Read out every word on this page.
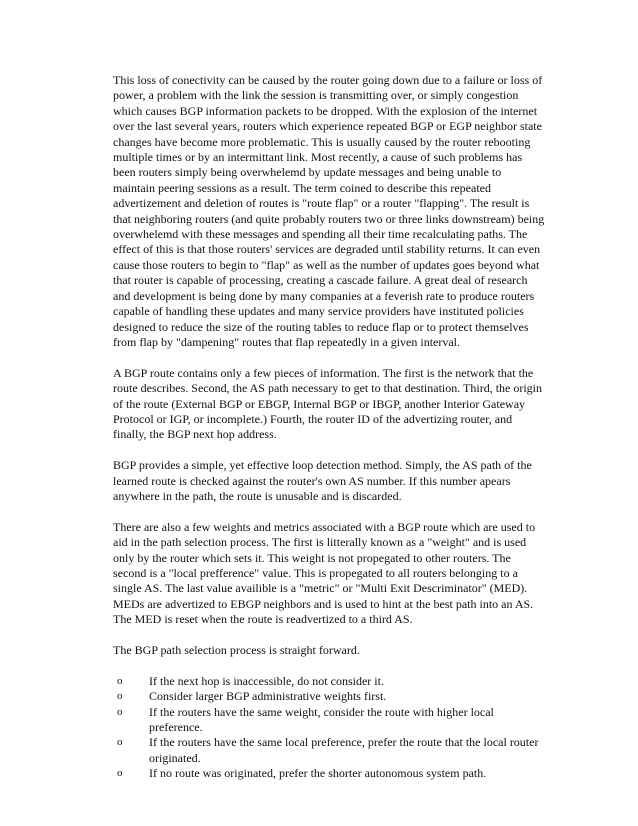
This loss of conectivity can be caused by the router going down due to a failure or loss of
power, a problem with the link the session is transmitting over, or simply congestion
which causes BGP information packets to be dropped. With the explosion of the internet
over the last several years, routers which experience repeated BGP or EGP neighbor state
changes have become more problematic. This is usually caused by the router rebooting
multiple times or by an intermittant link. Most recently, a cause of such problems has
been routers simply being overwhelemd by update messages and being unable to
maintain peering sessions as a result. The term coined to describe this repeated
advertizement and deletion of routes is "route flap" or a router "flapping". The result is
that neighboring routers (and quite probably routers two or three links downstream) being
overwhelemd with these messages and spending all their time recalculating paths. The
effect of this is that those routers' services are degraded until stability returns. It can even
cause those routers to begin to "flap" as well as the number of updates goes beyond what
that router is capable of processing, creating a cascade failure. A great deal of research
and development is being done by many companies at a feverish rate to produce routers
capable of handling these updates and many service providers have instituted policies
designed to reduce the size of the routing tables to reduce flap or to protect themselves
from flap by "dampening" routes that flap repeatedly in a given interval.
A BGP route contains only a few pieces of information. The first is the network that the
route describes. Second, the AS path necessary to get to that destination. Third, the origin
of the route (External BGP or EBGP, Internal BGP or IBGP, another Interior Gateway
Protocol or IGP, or incomplete.) Fourth, the router ID of the advertizing router, and
finally, the BGP next hop address.
BGP provides a simple, yet effective loop detection method. Simply, the AS path of the
learned route is checked against the router's own AS number. If this number apears
anywhere in the path, the route is unusable and is discarded.
There are also a few weights and metrics associated with a BGP route which are used to
aid in the path selection process. The first is litterally known as a "weight" and is used
only by the router which sets it. This weight is not propegated to other routers. The
second is a "local prefference" value. This is propegated to all routers belonging to a
single AS. The last value availible is a "metric" or "Multi Exit Descriminator" (MED).
MEDs are advertized to EBGP neighbors and is used to hint at the best path into an AS.
The MED is reset when the route is readvertized to a third AS.
The BGP path selection process is straight forward.
o If the next hop is inaccessible, do not consider it.
o Consider larger BGP administrative weights first.
o If the routers have the same weight, consider the route with higher local
preference.
o If the routers have the same local preference, prefer the route that the local router
originated.
o If no route was originated, prefer the shorter autonomous system path.
